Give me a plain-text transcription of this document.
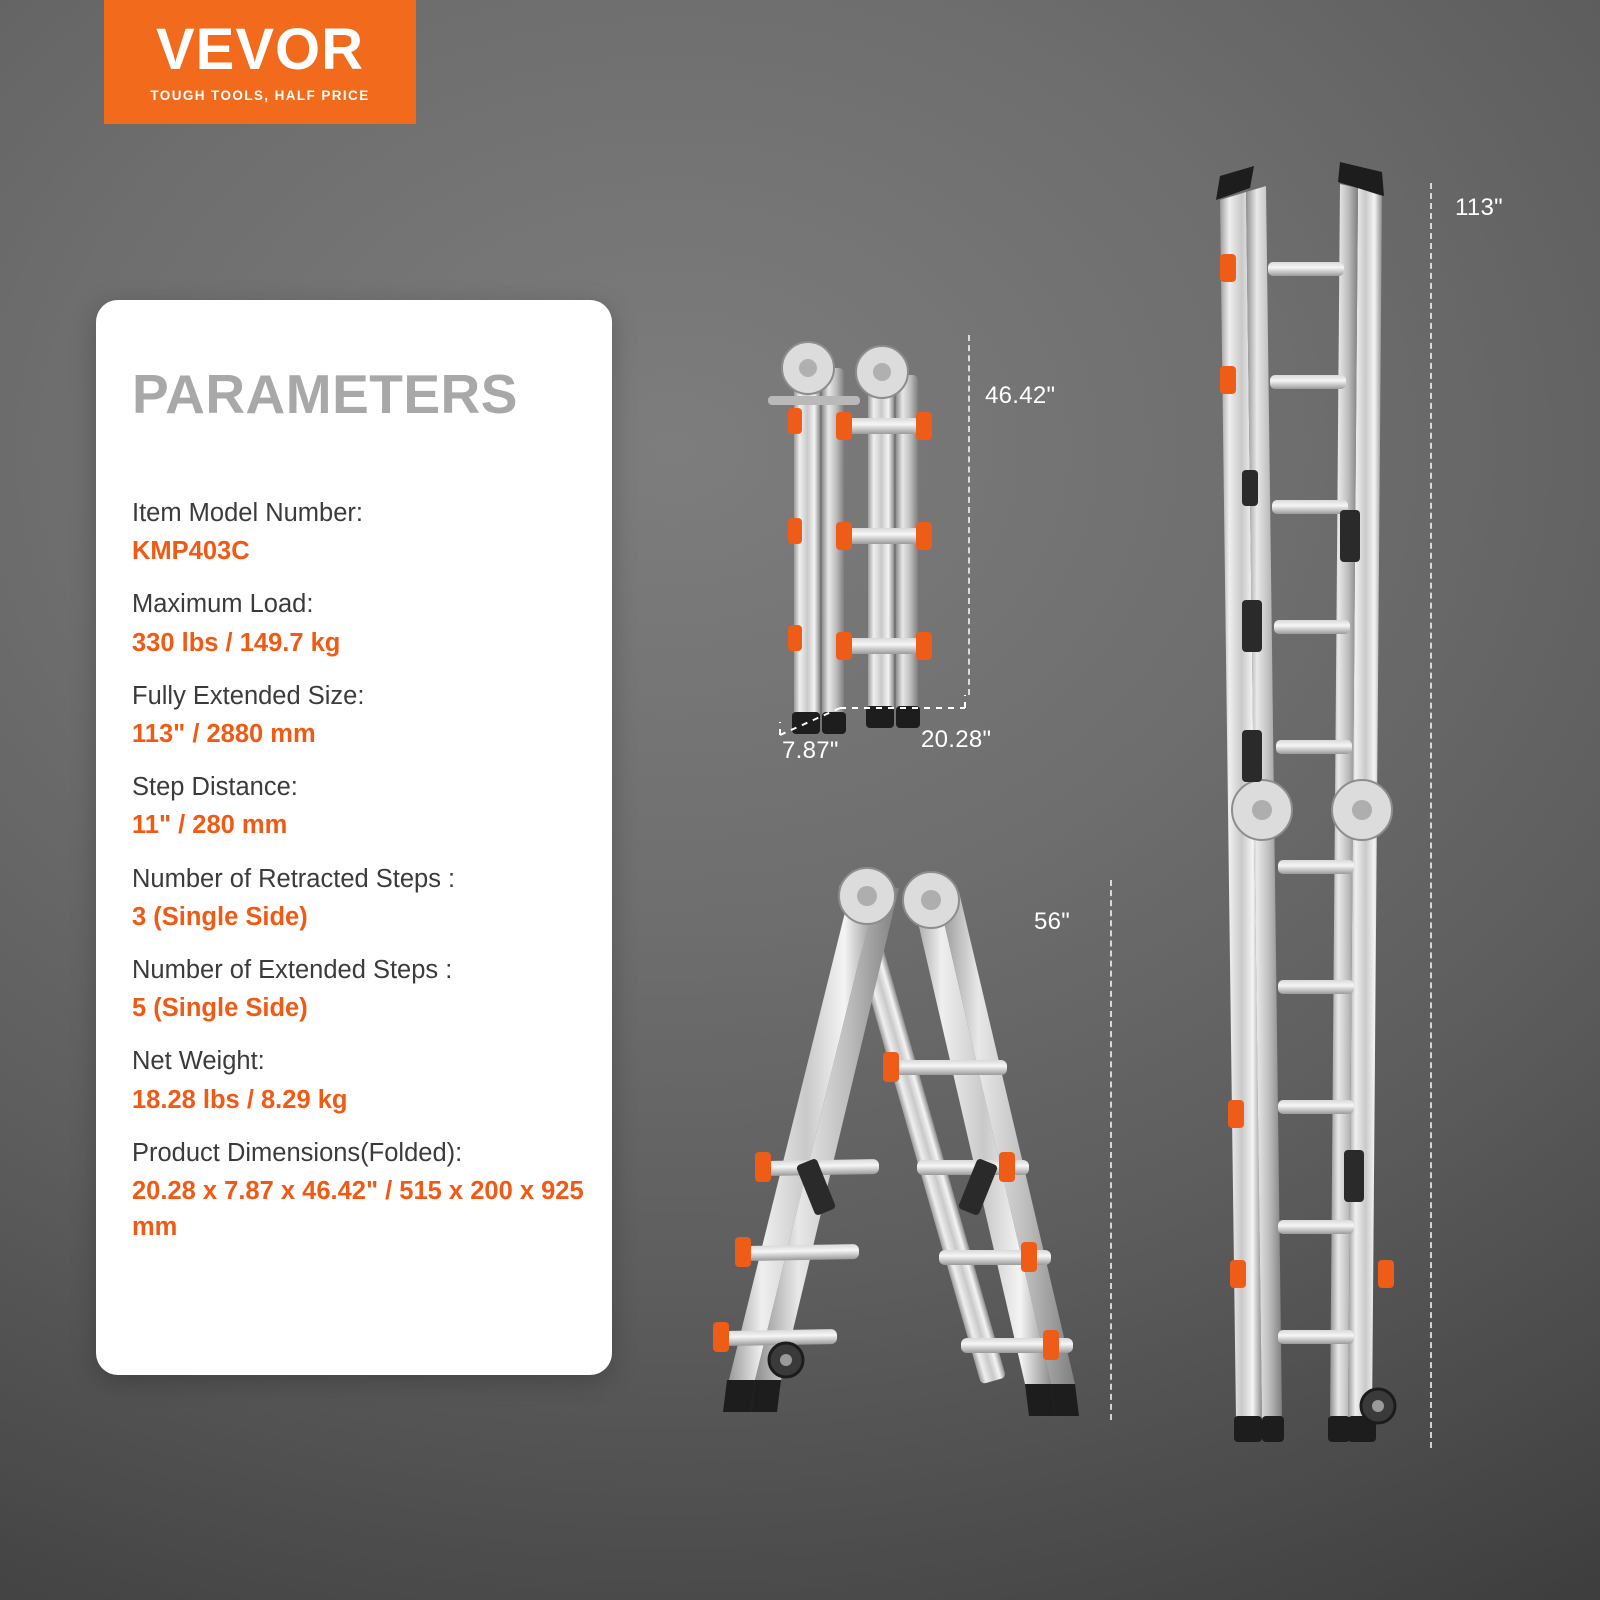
VEVOR
TOUGH TOOLS, HALF PRICE
PARAMETERS
Item Model Number:
KMP403C
Maximum Load:
330 lbs / 149.7 kg
Fully Extended Size:
113" / 2880 mm
Step Distance:
11" / 280 mm
Number of Retracted Steps :
3 (Single Side)
Number of Extended Steps :
5 (Single Side)
Net Weight:
18.28 lbs / 8.29 kg
Product Dimensions(Folded):
20.28 x 7.87 x 46.42" / 515 x 200 x 925 mm
113"
46.42"
7.87"	20.28"
56"
